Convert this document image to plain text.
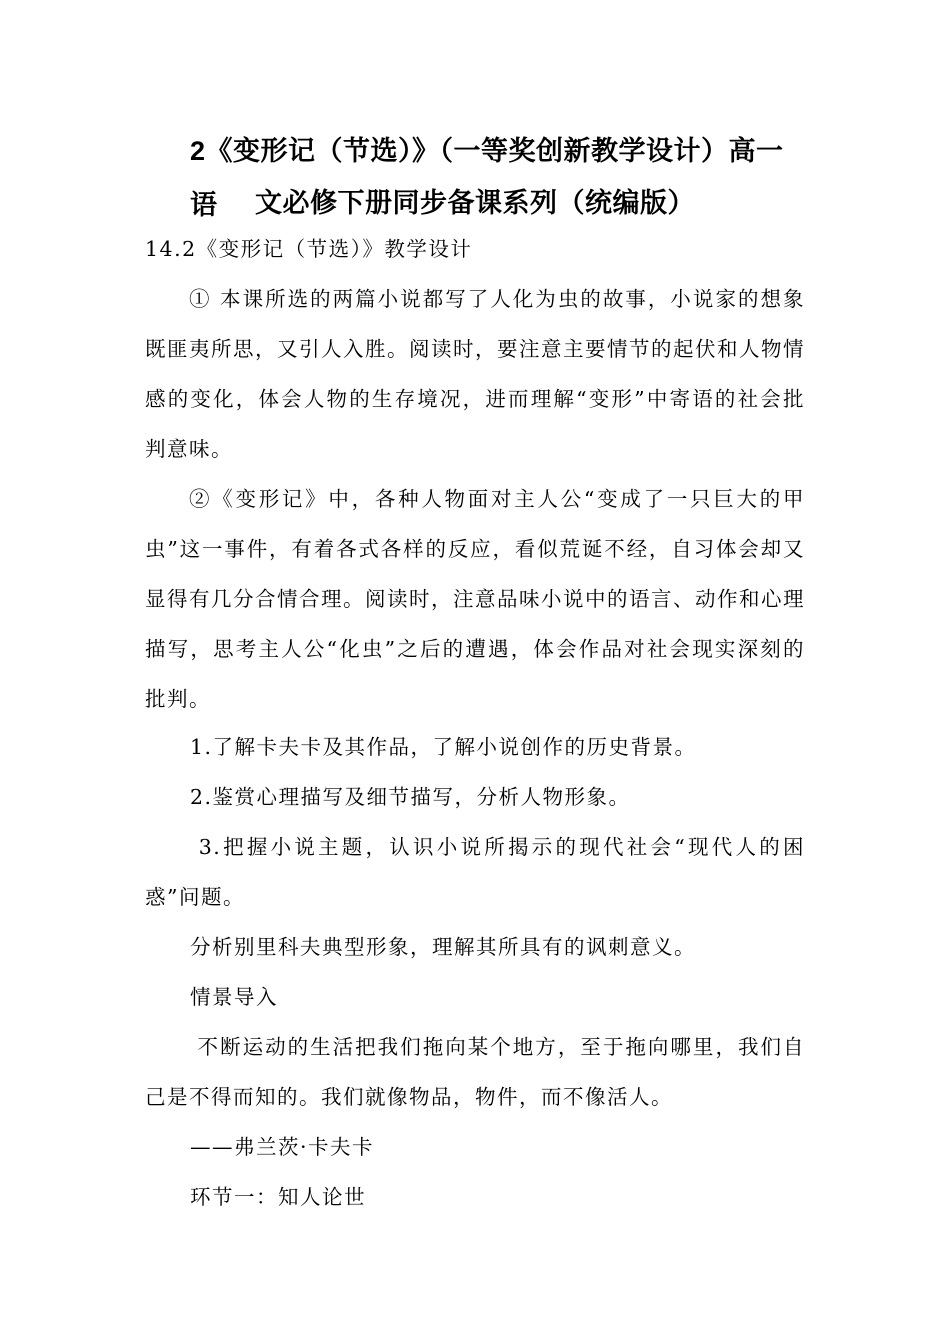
2《变形记（节选）》（一等奖创新教学设计）高一语	文必修下册同步备课系列（统编版）

14.2《变形记（节选）》教学设计

① 本课所选的两篇小说都写了人化为虫的故事，小说家的想象既匪夷所思，又引人入胜。阅读时，要注意主要情节的起伏和人物情感的变化，体会人物的生存境况，进而理解“变形”中寄语的社会批判意味。

②《变形记》中，各种人物面对主人公“变成了一只巨大的甲虫”这一事件，有着各式各样的反应，看似荒诞不经，自习体会却又显得有几分合情合理。阅读时，注意品味小说中的语言、动作和心理描写，思考主人公“化虫”之后的遭遇，体会作品对社会现实深刻的批判。

1.了解卡夫卡及其作品，了解小说创作的历史背景。

2.鉴赏心理描写及细节描写，分析人物形象。

3.把握小说主题，认识小说所揭示的现代社会“现代人的困惑”问题。

分析别里科夫典型形象，理解其所具有的讽刺意义。

情景导入

不断运动的生活把我们拖向某个地方，至于拖向哪里，我们自己是不得而知的。我们就像物品，物件，而不像活人。

——弗兰茨·卡夫卡

环节一：知人论世
